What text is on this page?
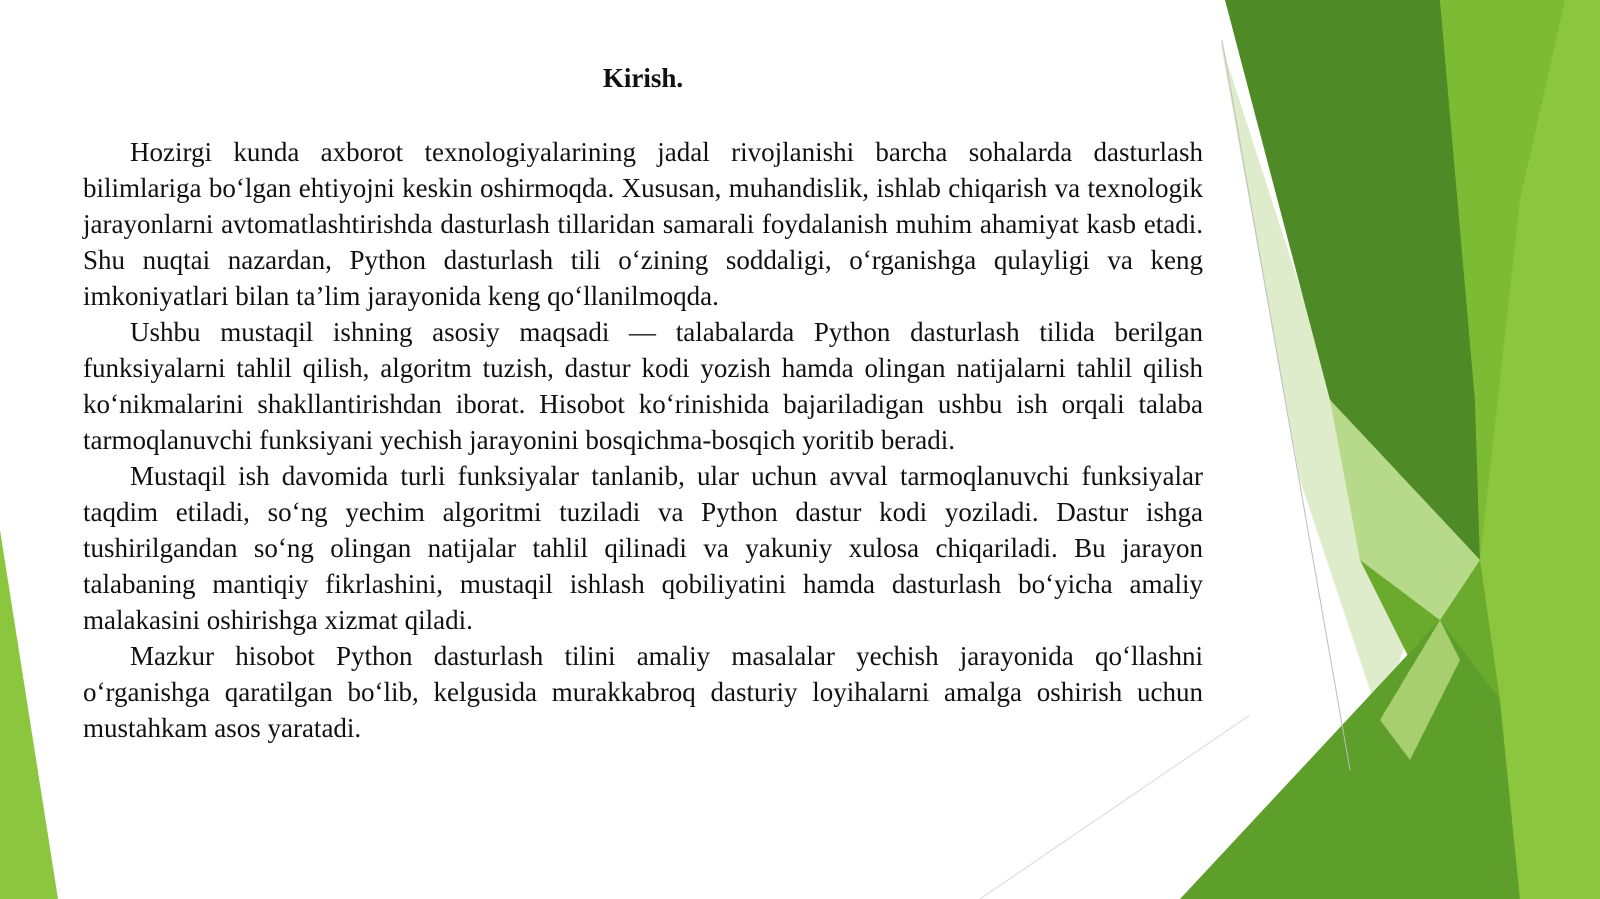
Kirish.

Hozirgi kunda axborot texnologiyalarining jadal rivojlanishi barcha sohalarda dasturlash bilimlariga bo‘lgan ehtiyojni keskin oshirmoqda. Xususan, muhandislik, ishlab chiqarish va texnologik jarayonlarni avtomatlashtirishda dasturlash tillaridan samarali foydalanish muhim ahamiyat kasb etadi. Shu nuqtai nazardan, Python dasturlash tili o‘zining soddaligi, o‘rganishga qulayligi va keng imkoniyatlari bilan ta’lim jarayonida keng qo‘llanilmoqda.

Ushbu mustaqil ishning asosiy maqsadi — talabalarda Python dasturlash tilida berilgan funksiyalarni tahlil qilish, algoritm tuzish, dastur kodi yozish hamda olingan natijalarni tahlil qilish ko‘nikmalarini shakllantirishdan iborat. Hisobot ko‘rinishida bajariladigan ushbu ish orqali talaba tarmoqlanuvchi funksiyani yechish jarayonini bosqichma-bosqich yoritib beradi.

Mustaqil ish davomida turli funksiyalar tanlanib, ular uchun avval tarmoqlanuvchi funksiyalar taqdim etiladi, so‘ng yechim algoritmi tuziladi va Python dastur kodi yoziladi. Dastur ishga tushirilgandan so‘ng olingan natijalar tahlil qilinadi va yakuniy xulosa chiqariladi. Bu jarayon talabaning mantiqiy fikrlashini, mustaqil ishlash qobiliyatini hamda dasturlash bo‘yicha amaliy malakasini oshirishga xizmat qiladi.

Mazkur hisobot Python dasturlash tilini amaliy masalalar yechish jarayonida qo‘llashni o‘rganishga qaratilgan bo‘lib, kelgusida murakkabroq dasturiy loyihalarni amalga oshirish uchun mustahkam asos yaratadi.
